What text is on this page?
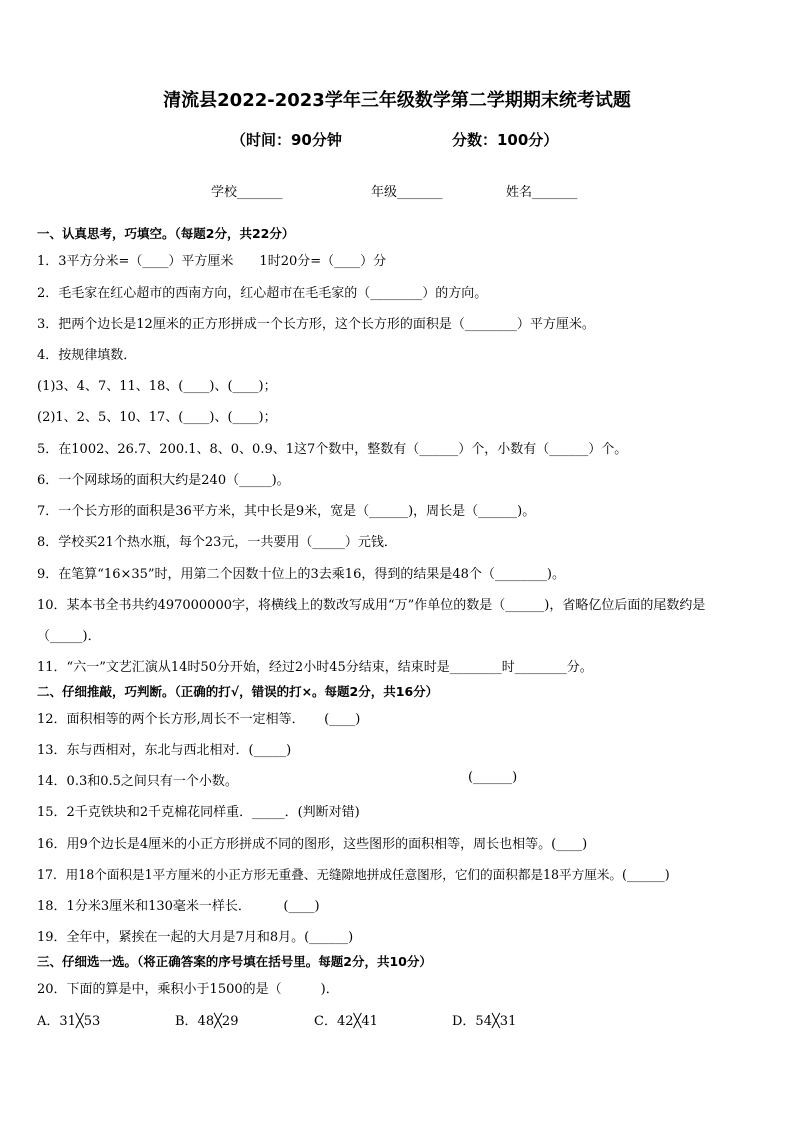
清流县2022-2023学年三年级数学第二学期期末统考试题
（时间：90分钟	分数：100分）
学校_______	年级_______	姓名_______
一、认真思考，巧填空。（每题2分，共22分）
1．3平方分米=（____）平方厘米　　1时20分=（____）分
2．毛毛家在红心超市的西南方向，红心超市在毛毛家的（________）的方向。
3．把两个边长是12厘米的正方形拼成一个长方形，这个长方形的面积是（________）平方厘米。
4．按规律填数．
(1)3、4、7、11、18、(____)、(____)；
(2)1、2、5、10、17、(____)、(____)；
5．在1002、26.7、200.1、8、0、0.9、1这7个数中，整数有（______）个，小数有（______）个。
6．一个网球场的面积大约是240（_____)。
7．一个长方形的面积是36平方米，其中长是9米，宽是（______)，周长是（______)。
8．学校买21个热水瓶，每个23元，一共要用（_____）元钱．
9．在笔算“16×35”时，用第二个因数十位上的3去乘16，得到的结果是48个（________)。
10．某本书全书共约497000000字，将横线上的数改写成用“万”作单位的数是（______)，省略亿位后面的尾数约是
（_____)．
11．“六一”文艺汇演从14时50分开始，经过2小时45分结束，结束时是________时________分。
二、仔细推敲，巧判断。（正确的打√，错误的打×。每题2分，共16分）
12．面积相等的两个长方形,周长不一定相等．　　(____)
13．东与西相对，东北与西北相对．(_____)
14．0.3和0.5之间只有一个小数。	(______)
15．2千克铁块和2千克棉花同样重．_____．(判断对错)
16．用9个边长是4厘米的小正方形拼成不同的图形，这些图形的面积相等，周长也相等。(____)
17．用18个面积是1平方厘米的小正方形无重叠、无缝隙地拼成任意图形，它们的面积都是18平方厘米。(______)
18．1分米3厘米和130毫米一样长．　　　(____)
19．全年中，紧挨在一起的大月是7月和8月。(______)
三、仔细选一选。（将正确答案的序号填在括号里。每题2分，共10分）
20．下面的算是中，乘积小于1500的是（　　　)．
A．31╳53	B．48╳29	C．42╳41	D．54╳31
